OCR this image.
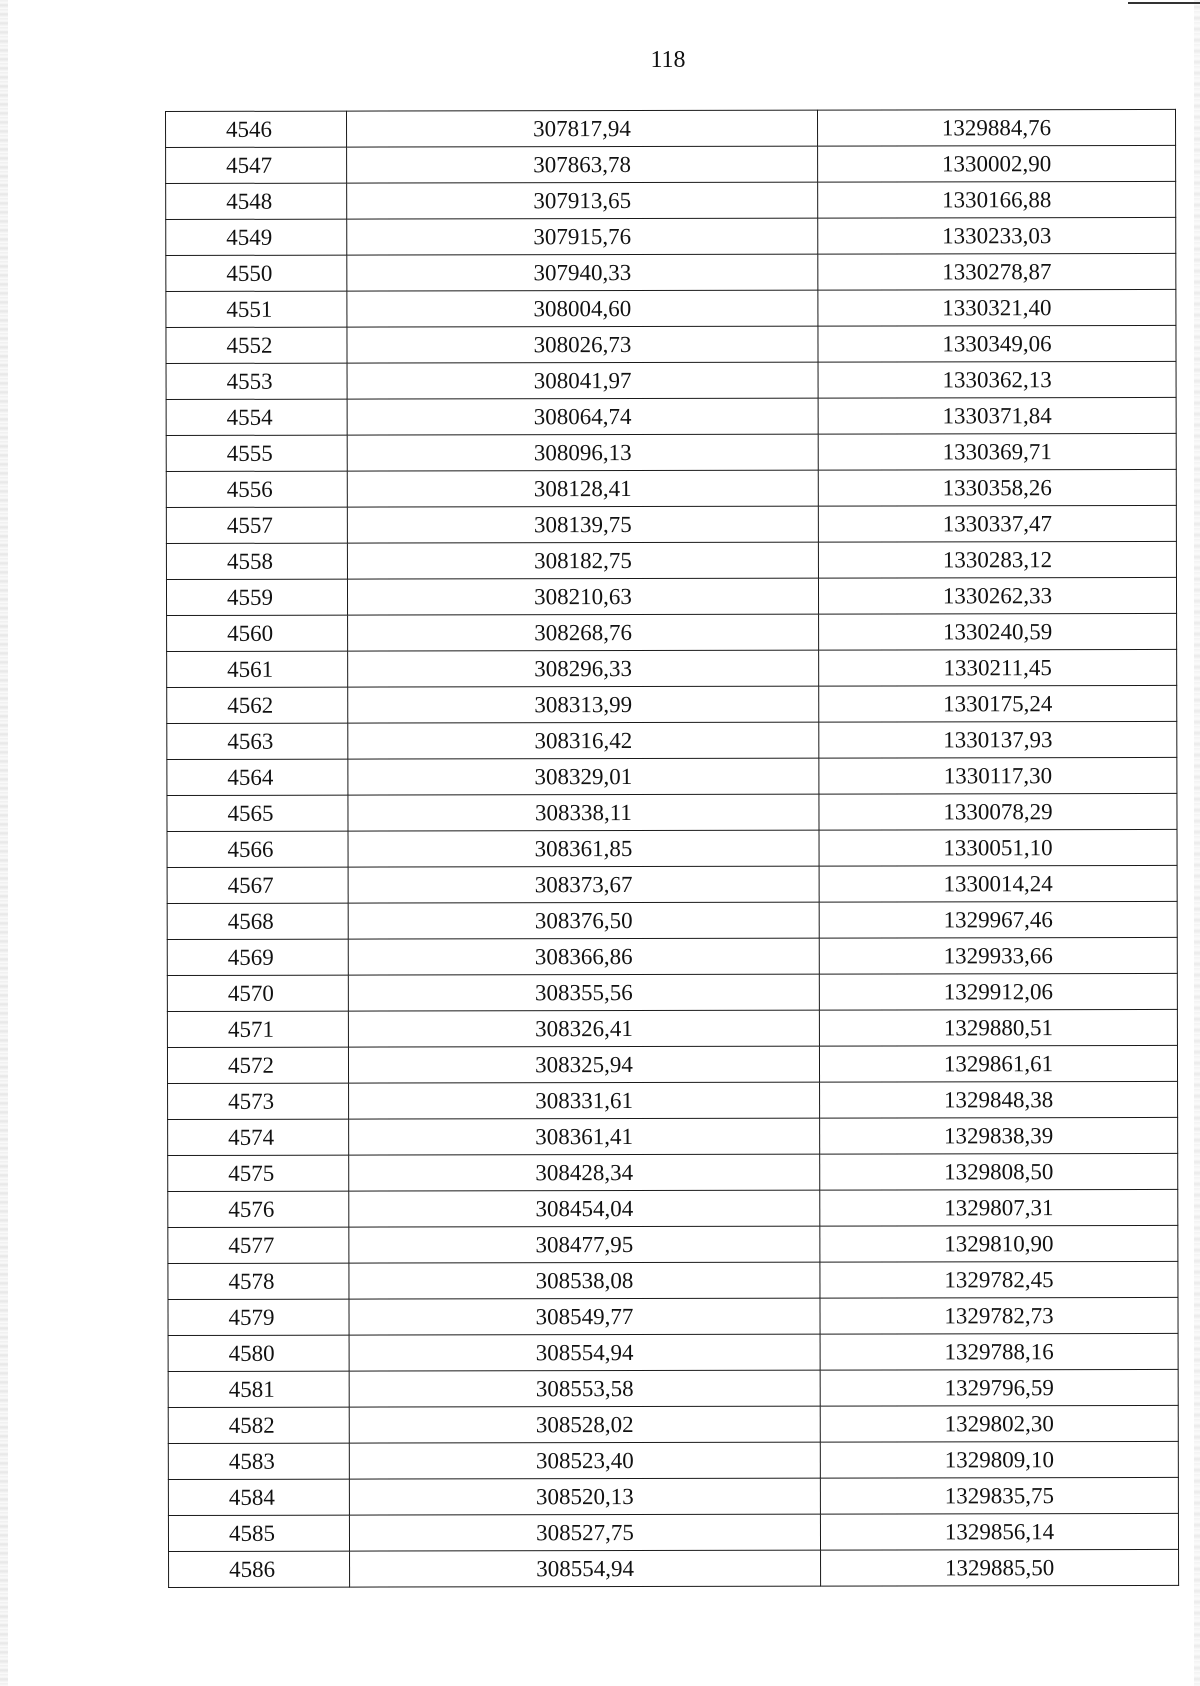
118
4546	307817,94	1329884,76
4547	307863,78	1330002,90
4548	307913,65	1330166,88
4549	307915,76	1330233,03
4550	307940,33	1330278,87
4551	308004,60	1330321,40
4552	308026,73	1330349,06
4553	308041,97	1330362,13
4554	308064,74	1330371,84
4555	308096,13	1330369,71
4556	308128,41	1330358,26
4557	308139,75	1330337,47
4558	308182,75	1330283,12
4559	308210,63	1330262,33
4560	308268,76	1330240,59
4561	308296,33	1330211,45
4562	308313,99	1330175,24
4563	308316,42	1330137,93
4564	308329,01	1330117,30
4565	308338,11	1330078,29
4566	308361,85	1330051,10
4567	308373,67	1330014,24
4568	308376,50	1329967,46
4569	308366,86	1329933,66
4570	308355,56	1329912,06
4571	308326,41	1329880,51
4572	308325,94	1329861,61
4573	308331,61	1329848,38
4574	308361,41	1329838,39
4575	308428,34	1329808,50
4576	308454,04	1329807,31
4577	308477,95	1329810,90
4578	308538,08	1329782,45
4579	308549,77	1329782,73
4580	308554,94	1329788,16
4581	308553,58	1329796,59
4582	308528,02	1329802,30
4583	308523,40	1329809,10
4584	308520,13	1329835,75
4585	308527,75	1329856,14
4586	308554,94	1329885,50
